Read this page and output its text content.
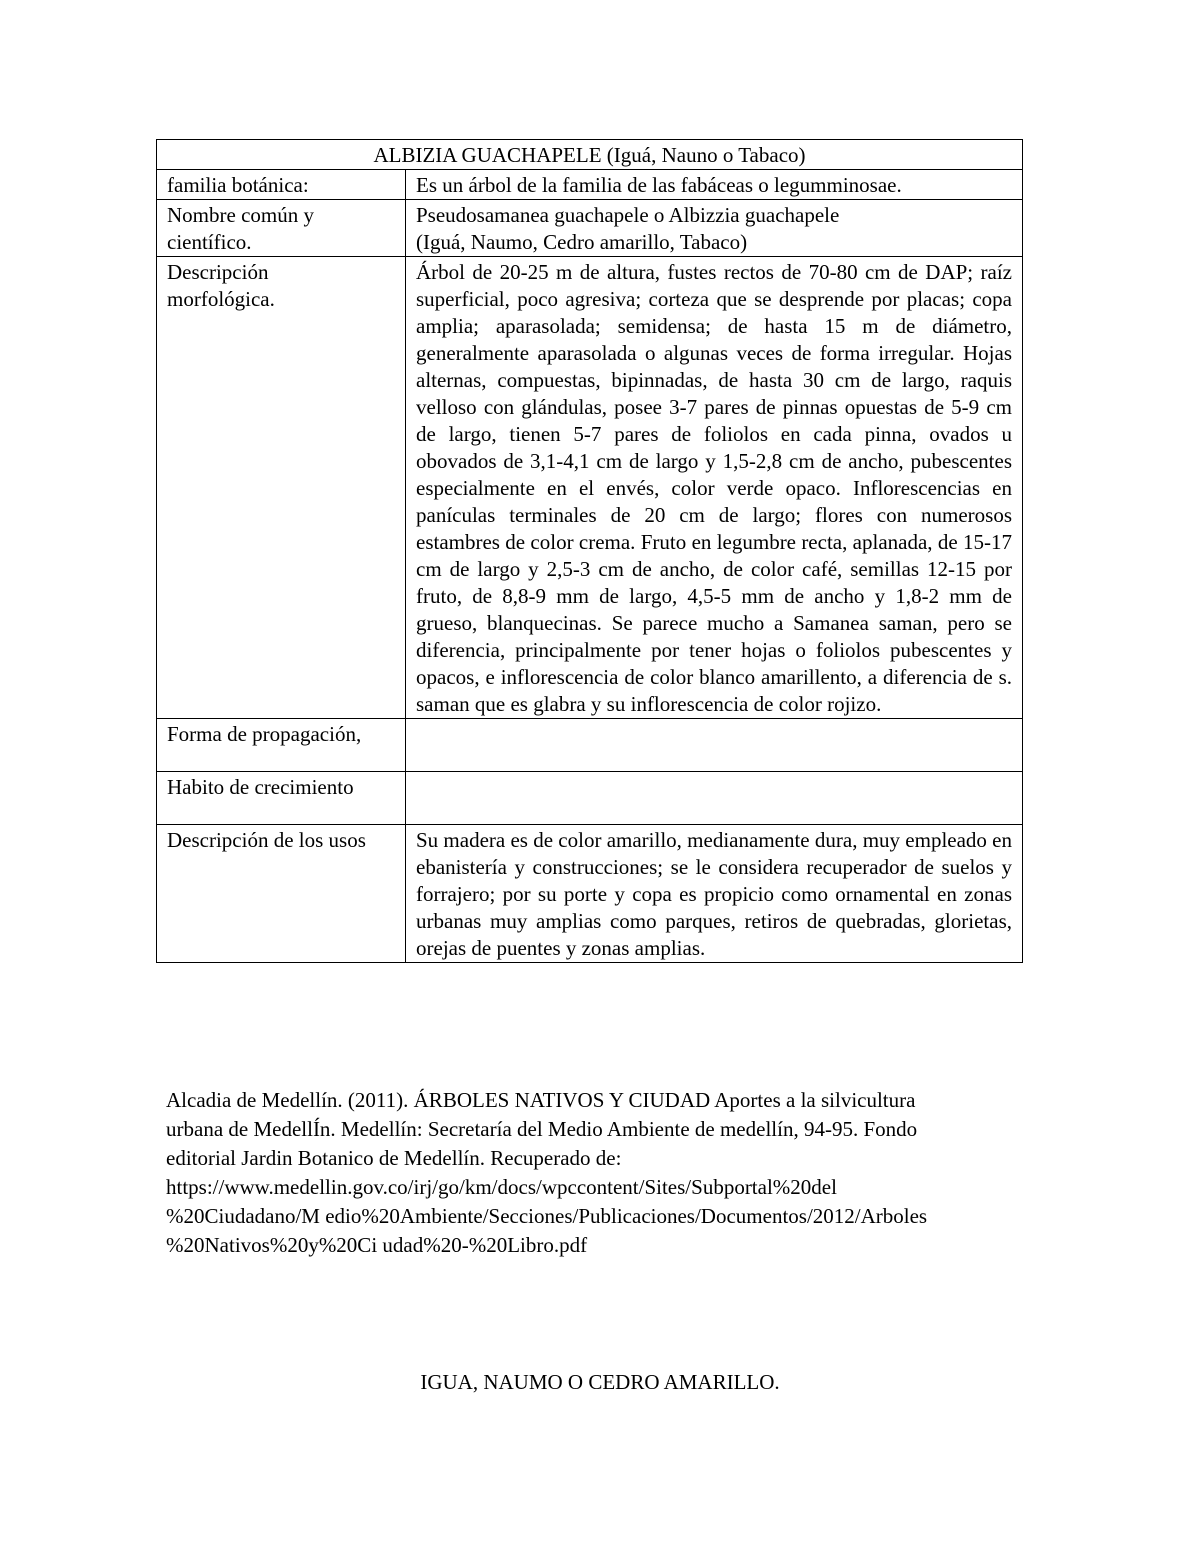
ALBIZIA GUACHAPELE (Iguá, Nauno o Tabaco)	
familia botánica:	Es un árbol de la familia de las fabáceas o legumminosae.
Nombre común y científico.	Pseudosamanea guachapele o Albizzia guachapele
(Iguá, Naumo, Cedro amarillo, Tabaco)

Descripción morfológica.	Árbol de 20-25 m de altura, fustes rectos de 70-80 cm de DAP; raíz superficial, poco agresiva; corteza que se desprende por placas; copa amplia; aparasolada; semidensa; de hasta 15 m de diámetro, generalmente aparasolada o algunas veces de forma irregular. Hojas alternas, compuestas, bipinnadas, de hasta 30 cm de largo, raquis velloso con glándulas, posee 3-7 pares de pinnas opuestas de 5-9 cm de largo, tienen 5-7 pares de foliolos en cada pinna, ovados u obovados de 3,1-4,1 cm de largo y 1,5-2,8 cm de ancho, pubescentes especialmente en el envés, color verde opaco. Inflorescencias en panículas terminales de 20 cm de largo; flores con numerosos estambres de color crema. Fruto en legumbre recta, aplanada, de 15-17 cm de largo y 2,5-3 cm de ancho, de color café, semillas 12-15 por fruto, de 8,8-9 mm de largo, 4,5-5 mm de ancho y 1,8-2 mm de grueso, blanquecinas. Se parece mucho a Samanea saman, pero se diferencia, principalmente por tener hojas o foliolos pubescentes y opacos, e inflorescencia de color blanco amarillento, a diferencia de s. saman que es glabra y su inflorescencia de color rojizo.
Forma de propagación,	
Habito de crecimiento	
Descripción de los usos	Su madera es de color amarillo, medianamente dura, muy empleado en ebanistería y construcciones; se le considera recuperador de suelos y forrajero; por su porte y copa es propicio como ornamental en zonas urbanas muy amplias como parques, retiros de quebradas, glorietas, orejas de puentes y zonas amplias.

Alcadia de Medellín. (2011). ÁRBOLES NATIVOS Y CIUDAD Aportes a la silvicultura

urbana de MedellÍn. Medellín: Secretaría del Medio Ambiente de medellín, 94-95. Fondo

editorial Jardin Botanico de Medellín. Recuperado de:

https://www.medellin.gov.co/irj/go/km/docs/wpccontent/Sites/Subportal%20del

%20Ciudadano/M edio%20Ambiente/Secciones/Publicaciones/Documentos/2012/Arboles

%20Nativos%20y%20Ci udad%20-%20Libro.pdf

IGUA, NAUMO O CEDRO AMARILLO.
